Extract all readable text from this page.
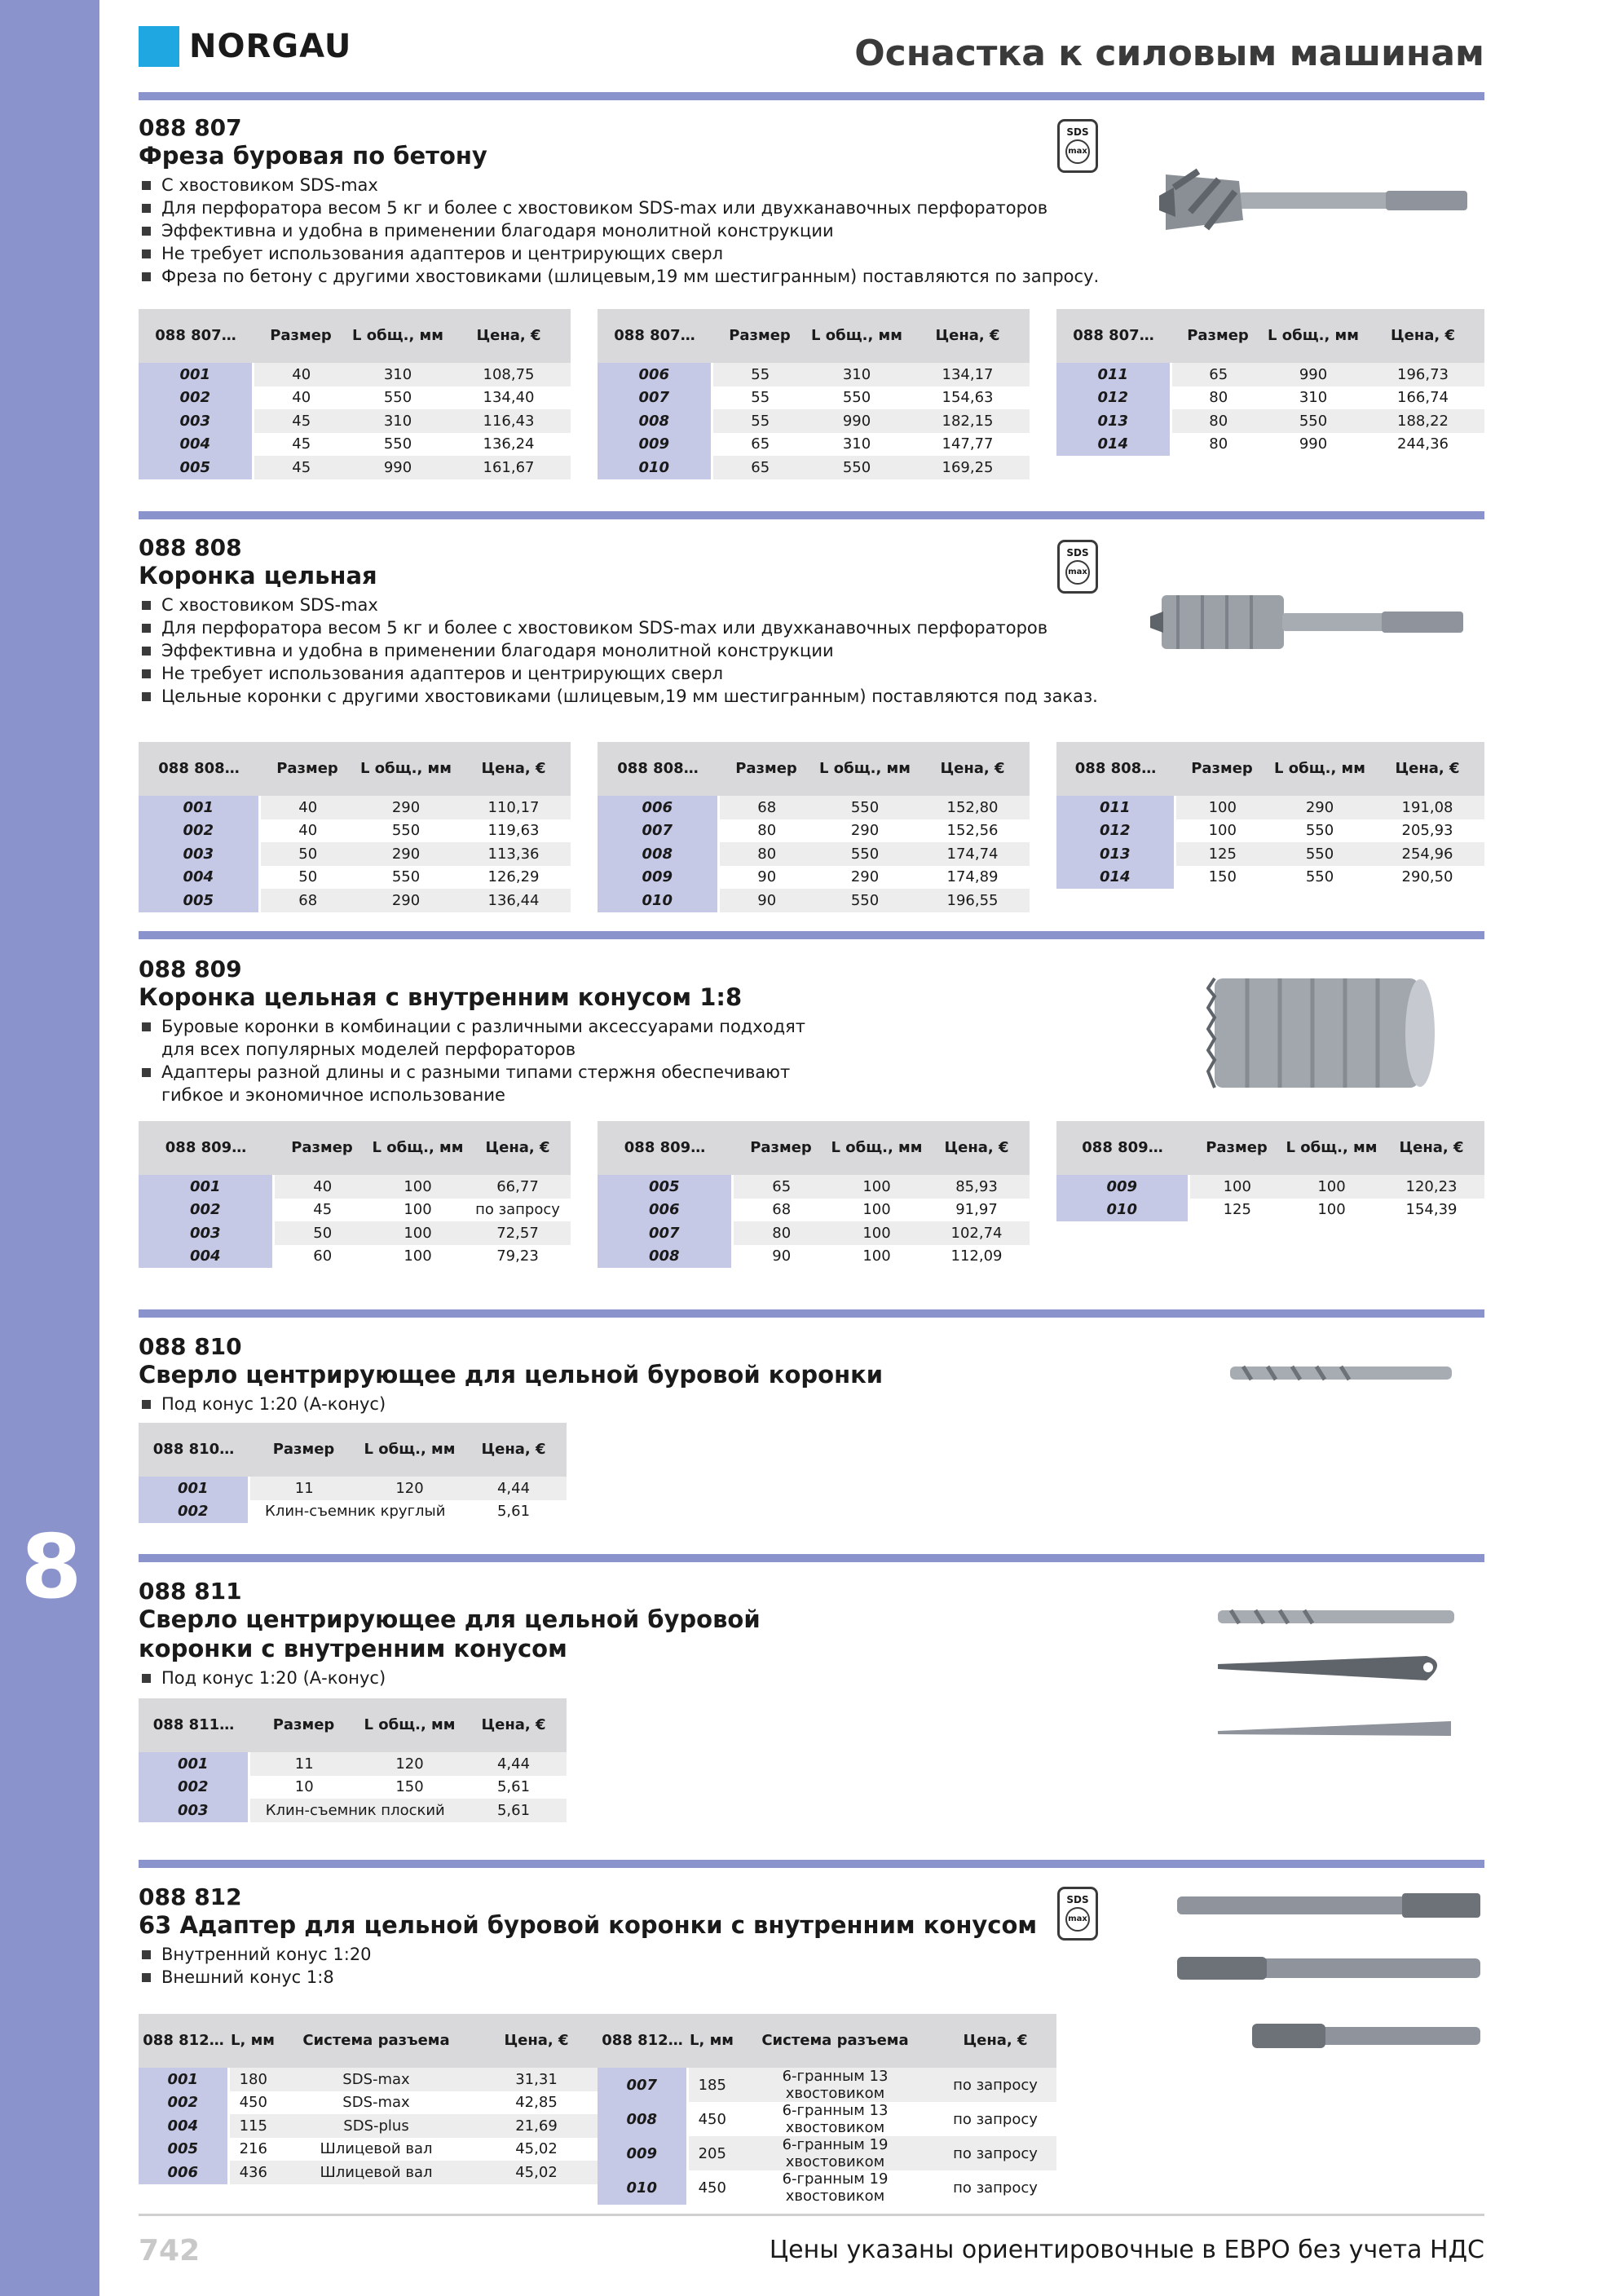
8
NORGAU	Оснастка к силовым машинам
088 807
Фреза буровая по бетону
С хвостовиком SDS-max
Для перфоратора весом 5 кг и более с хвостовиком SDS-max или двухканавочных перфораторов
Эффективна и удобна в применении благодаря монолитной конструкции
Не требует использования адаптеров и центрирующих сверл
Фреза по бетону с другими хвостовиками (шлицевым,19 мм шестигранным) поставляются по запросу.
SDS
max
088 807…	Размер	L общ., мм	Цена, €
001	40	310	108,75
002	40	550	134,40
003	45	310	116,43
004	45	550	136,24
005	45	990	161,67
088 807…	Размер	L общ., мм	Цена, €
006	55	310	134,17
007	55	550	154,63
008	55	990	182,15
009	65	310	147,77
010	65	550	169,25
088 807…	Размер	L общ., мм	Цена, €
011	65	990	196,73
012	80	310	166,74
013	80	550	188,22
014	80	990	244,36
088 808
Коронка цельная
С хвостовиком SDS-max
Для перфоратора весом 5 кг и более с хвостовиком SDS-max или двухканавочных перфораторов
Эффективна и удобна в применении благодаря монолитной конструкции
Не требует использования адаптеров и центрирующих сверл
Цельные коронки с другими хвостовиками (шлицевым,19 мм шестигранным) поставляются под заказ.
SDS
max
088 808…	Размер	L общ., мм	Цена, €
001	40	290	110,17
002	40	550	119,63
003	50	290	113,36
004	50	550	126,29
005	68	290	136,44
088 808…	Размер	L общ., мм	Цена, €
006	68	550	152,80
007	80	290	152,56
008	80	550	174,74
009	90	290	174,89
010	90	550	196,55
088 808…	Размер	L общ., мм	Цена, €
011	100	290	191,08
012	100	550	205,93
013	125	550	254,96
014	150	550	290,50
088 809
Коронка цельная с внутренним конусом 1:8
Буровые коронки в комбинации с различными аксессуарами подходят для всех популярных моделей перфораторов
Адаптеры разной длины и с разными типами стержня обеспечивают гибкое и экономичное использование
088 809…	Размер	L общ., мм	Цена, €
001	40	100	66,77
002	45	100	по запросу
003	50	100	72,57
004	60	100	79,23
088 809…	Размер	L общ., мм	Цена, €
005	65	100	85,93
006	68	100	91,97
007	80	100	102,74
008	90	100	112,09
088 809…	Размер	L общ., мм	Цена, €
009	100	100	120,23
010	125	100	154,39
088 810
Сверло центрирующее для цельной буровой коронки
Под конус 1:20 (А-конус)
088 810…	Размер	L общ., мм	Цена, €
001	11	120	4,44
002	Клин-съемник круглый		5,61
088 811
Сверло центрирующее для цельной буровой коронки с внутренним конусом
Под конус 1:20 (А-конус)
088 811…	Размер	L общ., мм	Цена, €
001	11	120	4,44
002	10	150	5,61
003	Клин-съемник плоский		5,61
088 812
63 Адаптер для цельной буровой коронки с внутренним конусом
Внутренний конус 1:20
Внешний конус 1:8
SDS
max
088 812…	L, мм	Система разъема	Цена, €
001	180	SDS-max	31,31
002	450	SDS-max	42,85
004	115	SDS-plus	21,69
005	216	Шлицевой вал	45,02
006	436	Шлицевой вал	45,02
088 812…	L, мм	Система разъема	Цена, €
007	185	6-гранным 13 хвостовиком	по запросу
008	450	6-гранным 13 хвостовиком	по запросу
009	205	6-гранным 19 хвостовиком	по запросу
010	450	6-гранным 19 хвостовиком	по запросу
742	Цены указаны ориентировочные в ЕВРО без учета НДС
